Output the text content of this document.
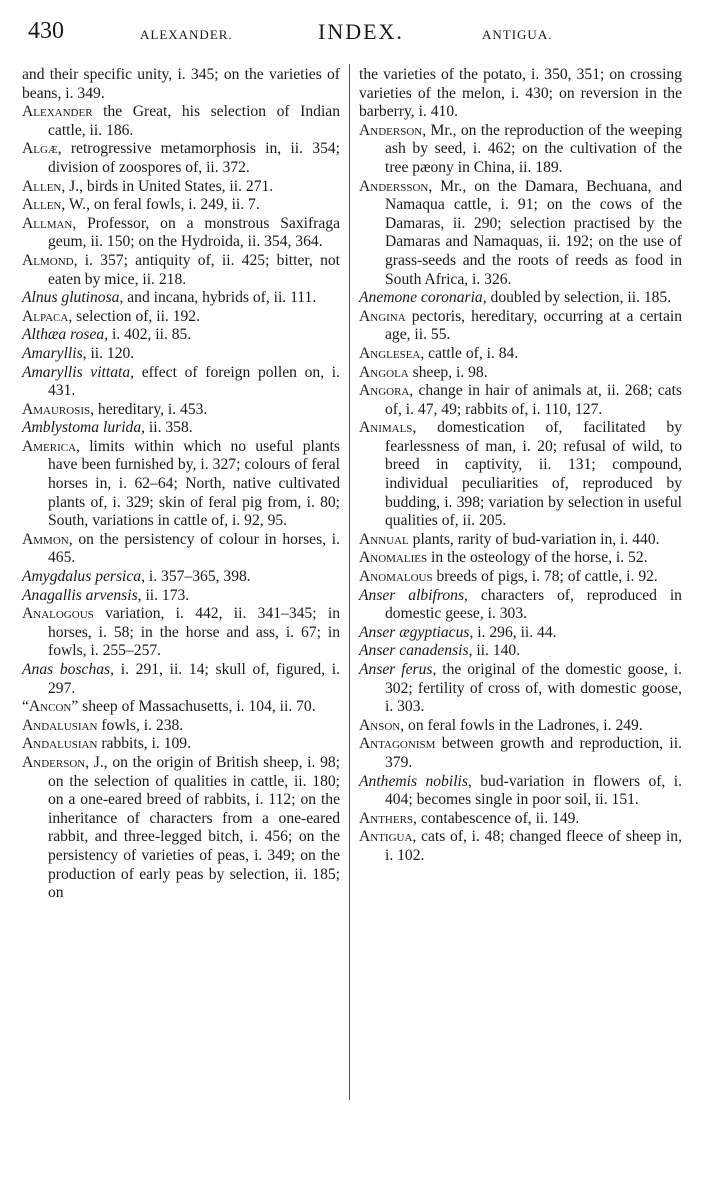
430	ALEXANDER.	INDEX.	ANTIGUA.

and their specific unity, i. 345; on the varieties of beans, i. 349.

Alexander the Great, his selection of Indian cattle, ii. 186.

Algæ, retrogressive metamorphosis in, ii. 354; division of zoospores of, ii. 372.

Allen, J., birds in United States, ii. 271.

Allen, W., on feral fowls, i. 249, ii. 7.

Allman, Professor, on a monstrous Saxifraga geum, ii. 150; on the Hydroida, ii. 354, 364.

Almond, i. 357; antiquity of, ii. 425; bitter, not eaten by mice, ii. 218.

Alnus glutinosa, and incana, hybrids of, ii. 111.

Alpaca, selection of, ii. 192.

Althæa rosea, i. 402, ii. 85.

Amaryllis, ii. 120.

Amaryllis vittata, effect of foreign pollen on, i. 431.

Amaurosis, hereditary, i. 453.

Amblystoma lurida, ii. 358.

America, limits within which no useful plants have been furnished by, i. 327; colours of feral horses in, i. 62–64; North, native cultivated plants of, i. 329; skin of feral pig from, i. 80; South, variations in cattle of, i. 92, 95.

Ammon, on the persistency of colour in horses, i. 465.

Amygdalus persica, i. 357–365, 398.

Anagallis arvensis, ii. 173.

Analogous variation, i. 442, ii. 341–345; in horses, i. 58; in the horse and ass, i. 67; in fowls, i. 255–257.

Anas boschas, i. 291, ii. 14; skull of, figured, i. 297.

“Ancon” sheep of Massachusetts, i. 104, ii. 70.

Andalusian fowls, i. 238.

Andalusian rabbits, i. 109.

Anderson, J., on the origin of British sheep, i. 98; on the selection of qualities in cattle, ii. 180; on a one-eared breed of rabbits, i. 112; on the inheritance of characters from a one-eared rabbit, and three-legged bitch, i. 456; on the persistency of varieties of peas, i. 349; on the production of early peas by selection, ii. 185; on

the varieties of the potato, i. 350, 351; on crossing varieties of the melon, i. 430; on reversion in the barberry, i. 410.

Anderson, Mr., on the reproduction of the weeping ash by seed, i. 462; on the cultivation of the tree pæony in China, ii. 189.

Andersson, Mr., on the Damara, Bechuana, and Namaqua cattle, i. 91; on the cows of the Damaras, ii. 290; selection practised by the Damaras and Namaquas, ii. 192; on the use of grass-seeds and the roots of reeds as food in South Africa, i. 326.

Anemone coronaria, doubled by selection, ii. 185.

Angina pectoris, hereditary, occurring at a certain age, ii. 55.

Anglesea, cattle of, i. 84.

Angola sheep, i. 98.

Angora, change in hair of animals at, ii. 268; cats of, i. 47, 49; rabbits of, i. 110, 127.

Animals, domestication of, facilitated by fearlessness of man, i. 20; refusal of wild, to breed in captivity, ii. 131; compound, individual peculiarities of, reproduced by budding, i. 398; variation by selection in useful qualities of, ii. 205.

Annual plants, rarity of bud-variation in, i. 440.

Anomalies in the osteology of the horse, i. 52.

Anomalous breeds of pigs, i. 78; of cattle, i. 92.

Anser albifrons, characters of, reproduced in domestic geese, i. 303.

Anser ægyptiacus, i. 296, ii. 44.

Anser canadensis, ii. 140.

Anser ferus, the original of the domestic goose, i. 302; fertility of cross of, with domestic goose, i. 303.

Anson, on feral fowls in the Ladrones, i. 249.

Antagonism between growth and reproduction, ii. 379.

Anthemis nobilis, bud-variation in flowers of, i. 404; becomes single in poor soil, ii. 151.

Anthers, contabescence of, ii. 149.

Antigua, cats of, i. 48; changed fleece of sheep in, i. 102.
